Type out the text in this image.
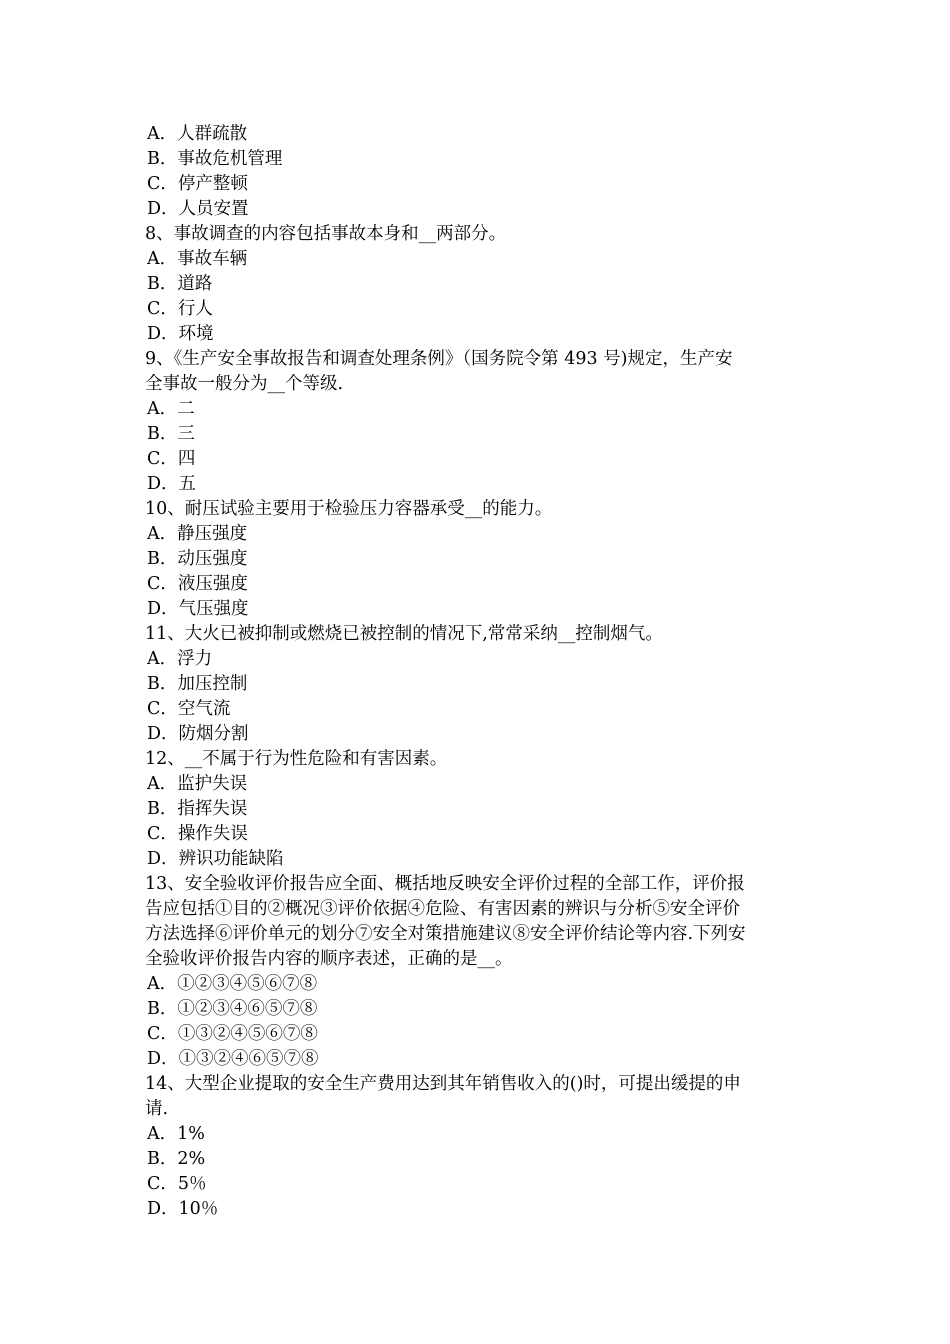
A．人群疏散
B．事故危机管理
C．停产整顿
D．人员安置
8、事故调查的内容包括事故本身和__两部分。
A．事故车辆
B．道路
C．行人
D．环境
9、《生产安全事故报告和调查处理条例》（国务院令第 493 号)规定，生产安
全事故一般分为__个等级.
A．二
B．三
C．四
D．五
10、耐压试验主要用于检验压力容器承受__的能力。
A．静压强度
B．动压强度
C．液压强度
D．气压强度
11、大火已被抑制或燃烧已被控制的情况下,常常采纳__控制烟气。
A．浮力
B．加压控制
C．空气流
D．防烟分割
12、__不属于行为性危险和有害因素。
A．监护失误
B．指挥失误
C．操作失误
D．辨识功能缺陷
13、安全验收评价报告应全面、概括地反映安全评价过程的全部工作，评价报
告应包括①目的②概况③评价依据④危险、有害因素的辨识与分析⑤安全评价
方法选择⑥评价单元的划分⑦安全对策措施建议⑧安全评价结论等内容.下列安
全验收评价报告内容的顺序表述，正确的是__。
A．①②③④⑤⑥⑦⑧
B．①②③④⑥⑤⑦⑧
C．①③②④⑤⑥⑦⑧
D．①③②④⑥⑤⑦⑧
14、大型企业提取的安全生产费用达到其年销售收入的()时，可提出缓提的申
请.
A．1%
B．2%
C．5％
D．10％
